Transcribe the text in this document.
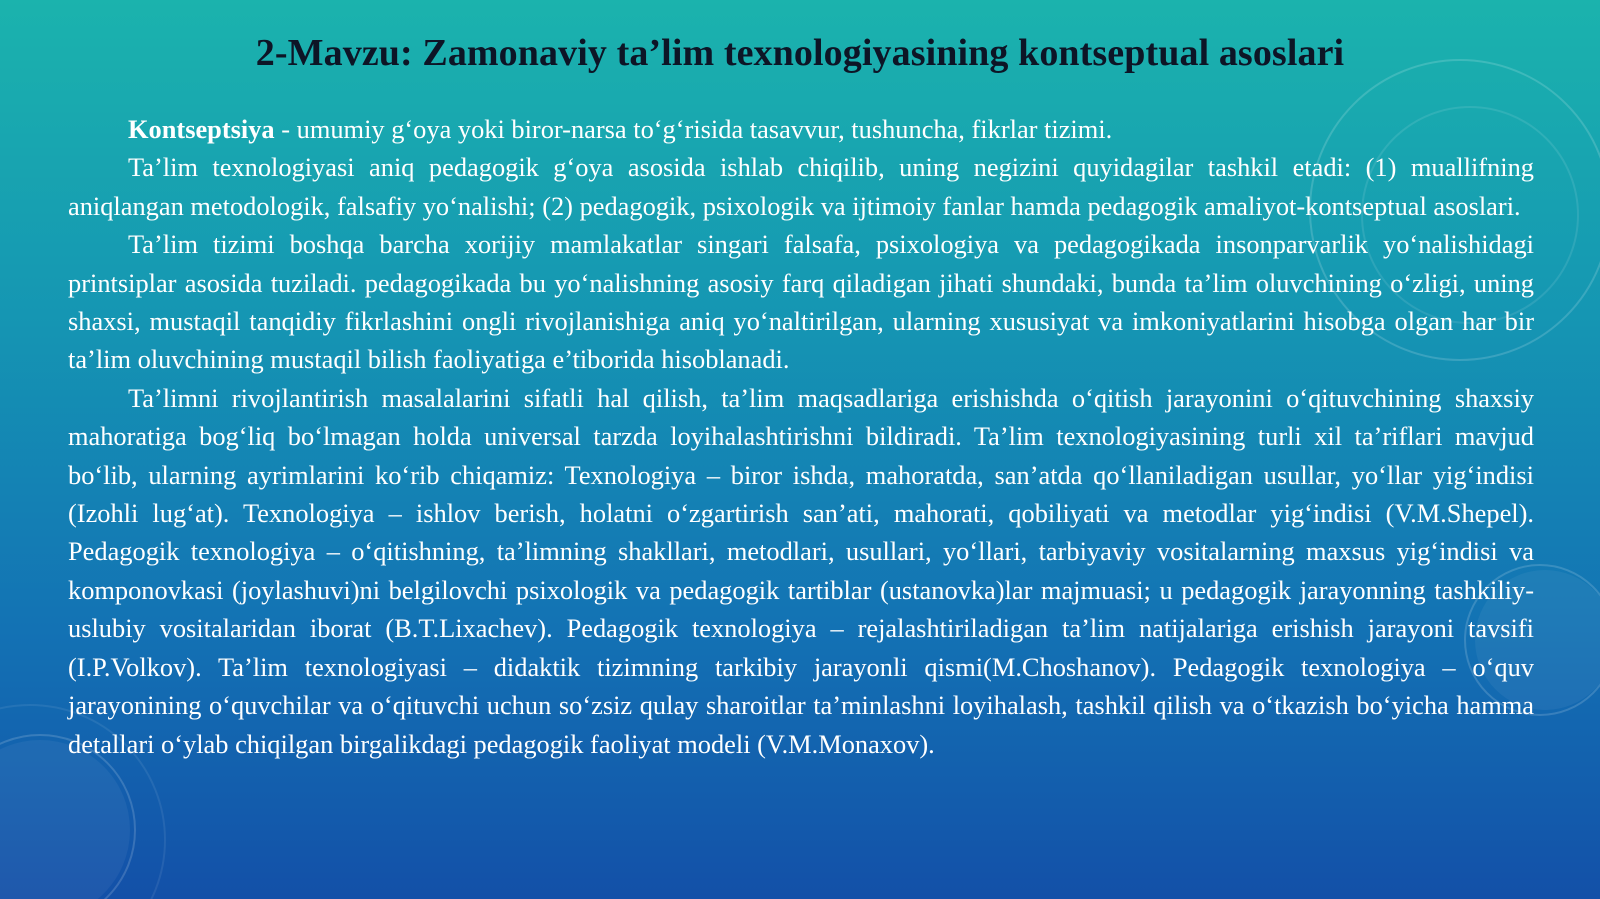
2-Mavzu: Zamonaviy ta’lim texnologiyasining kontseptual asoslari

Kontseptsiya - umumiy g‘oya yoki biror-narsa to‘g‘risida tasavvur, tushuncha, fikrlar tizimi.

Ta’lim texnologiyasi aniq pedagogik g‘oya asosida ishlab chiqilib, uning negizini quyidagilar tashkil etadi: (1) muallifning aniqlangan metodologik, falsafiy yo‘nalishi; (2) pedagogik, psixologik va ijtimoiy fanlar hamda pedagogik amaliyot-kontseptual asoslari.

Ta’lim tizimi boshqa barcha xorijiy mamlakatlar singari falsafa, psixologiya va pedagogikada insonparvarlik yo‘nalishidagi printsiplar asosida tuziladi. pedagogikada bu yo‘nalishning asosiy farq qiladigan jihati shundaki, bunda ta’lim oluvchining o‘zligi, uning shaxsi, mustaqil tanqidiy fikrlashini ongli rivojlanishiga aniq yo‘naltirilgan, ularning xususiyat va imkoniyatlarini hisobga olgan har bir ta’lim oluvchining mustaqil bilish faoliyatiga e’tiborida hisoblanadi.

Ta’limni rivojlantirish masalalarini sifatli hal qilish, ta’lim maqsadlariga erishishda o‘qitish jarayonini o‘qituvchining shaxsiy mahoratiga bog‘liq bo‘lmagan holda universal tarzda loyihalashtirishni bildiradi. Ta’lim texnologiyasining turli xil ta’riflari mavjud bo‘lib, ularning ayrimlarini ko‘rib chiqamiz: Texnologiya – biror ishda, mahoratda, san’atda qo‘llaniladigan usullar, yo‘llar yig‘indisi (Izohli lug‘at). Texnologiya – ishlov berish, holatni o‘zgartirish san’ati, mahorati, qobiliyati va metodlar yig‘indisi (V.M.Shepel). Pedagogik texnologiya – o‘qitishning, ta’limning shakllari, metodlari, usullari, yo‘llari, tarbiyaviy vositalarning maxsus yig‘indisi va komponovkasi (joylashuvi)ni belgilovchi psixologik va pedagogik tartiblar (ustanovka)lar majmuasi; u pedagogik jarayonning tashkiliy-uslubiy vositalaridan iborat (B.T.Lixachev). Pedagogik texnologiya – rejalashtiriladigan ta’lim natijalariga erishish jarayoni tavsifi (I.P.Volkov). Ta’lim texnologiyasi – didaktik tizimning tarkibiy jarayonli qismi(M.Choshanov). Pedagogik texnologiya – o‘quv jarayonining o‘quvchilar va o‘qituvchi uchun so‘zsiz qulay sharoitlar ta’minlashni loyihalash, tashkil qilish va o‘tkazish bo‘yicha hamma detallari o‘ylab chiqilgan birgalikdagi pedagogik faoliyat modeli (V.M.Monaxov).
